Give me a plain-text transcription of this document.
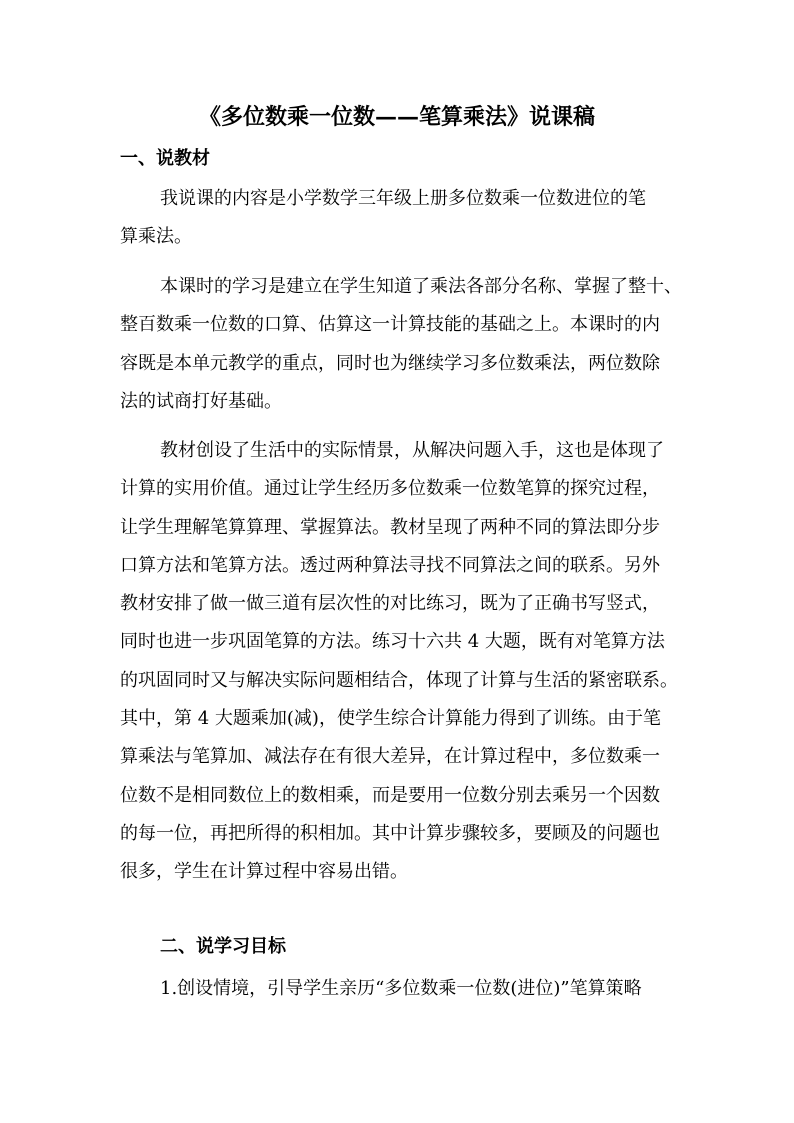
《多位数乘一位数——笔算乘法》说课稿
一、说教材
我说课的内容是小学数学三年级上册多位数乘一位数进位的笔
算乘法。
本课时的学习是建立在学生知道了乘法各部分名称、掌握了整十、
整百数乘一位数的口算、估算这一计算技能的基础之上。本课时的内
容既是本单元教学的重点，同时也为继续学习多位数乘法，两位数除
法的试商打好基础。
教材创设了生活中的实际情景，从解决问题入手，这也是体现了
计算的实用价值。通过让学生经历多位数乘一位数笔算的探究过程，
让学生理解笔算算理、掌握算法。教材呈现了两种不同的算法即分步
口算方法和笔算方法。透过两种算法寻找不同算法之间的联系。另外
教材安排了做一做三道有层次性的对比练习，既为了正确书写竖式，
同时也进一步巩固笔算的方法。练习十六共 4 大题，既有对笔算方法
的巩固同时又与解决实际问题相结合，体现了计算与生活的紧密联系。
其中，第 4 大题乘加(减)，使学生综合计算能力得到了训练。由于笔
算乘法与笔算加、减法存在有很大差异，在计算过程中，多位数乘一
位数不是相同数位上的数相乘，而是要用一位数分别去乘另一个因数
的每一位，再把所得的积相加。其中计算步骤较多，要顾及的问题也
很多，学生在计算过程中容易出错。
二、说学习目标
1.创设情境，引导学生亲历“多位数乘一位数(进位)”笔算策略
